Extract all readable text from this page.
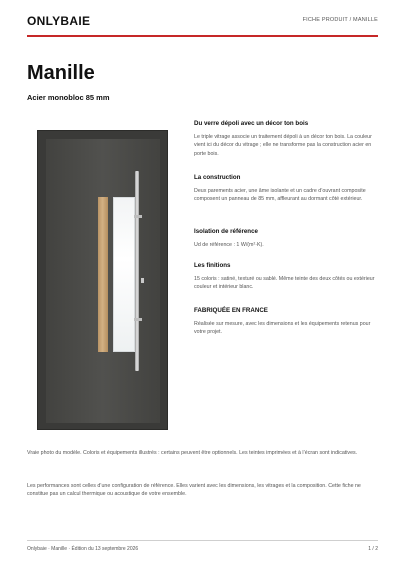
ONLYBAIE	FICHE PRODUIT / MANILLE
Manille
Acier monobloc 85 mm
Du verre dépoli avec un décor ton bois
Le triple vitrage associe un traitement dépoli à un décor ton bois. La couleur vient ici du décor du vitrage ; elle ne transforme pas la construction acier en porte bois.
La construction
Deux parements acier, une âme isolante et un cadre d’ouvrant composite composent un panneau de 85 mm, affleurant au dormant côté extérieur.
Isolation de référence
Ud de référence : 1 W/(m²·K).
Les finitions
15 coloris : satiné, texturé ou sablé. Même teinte des deux côtés ou extérieur couleur et intérieur blanc.
FABRIQUÉE EN FRANCE
Réalisée sur mesure, avec les dimensions et les équipements retenus pour votre projet.
Vraie photo du modèle. Coloris et équipements illustrés : certains peuvent être optionnels. Les teintes imprimées et à l’écran sont indicatives.
Les performances sont celles d’une configuration de référence. Elles varient avec les dimensions, les vitrages et la composition. Cette fiche ne constitue pas un calcul thermique ou acoustique de votre ensemble.
Onlybaie · Manille · Édition du 13 septembre 2026	1 / 2
